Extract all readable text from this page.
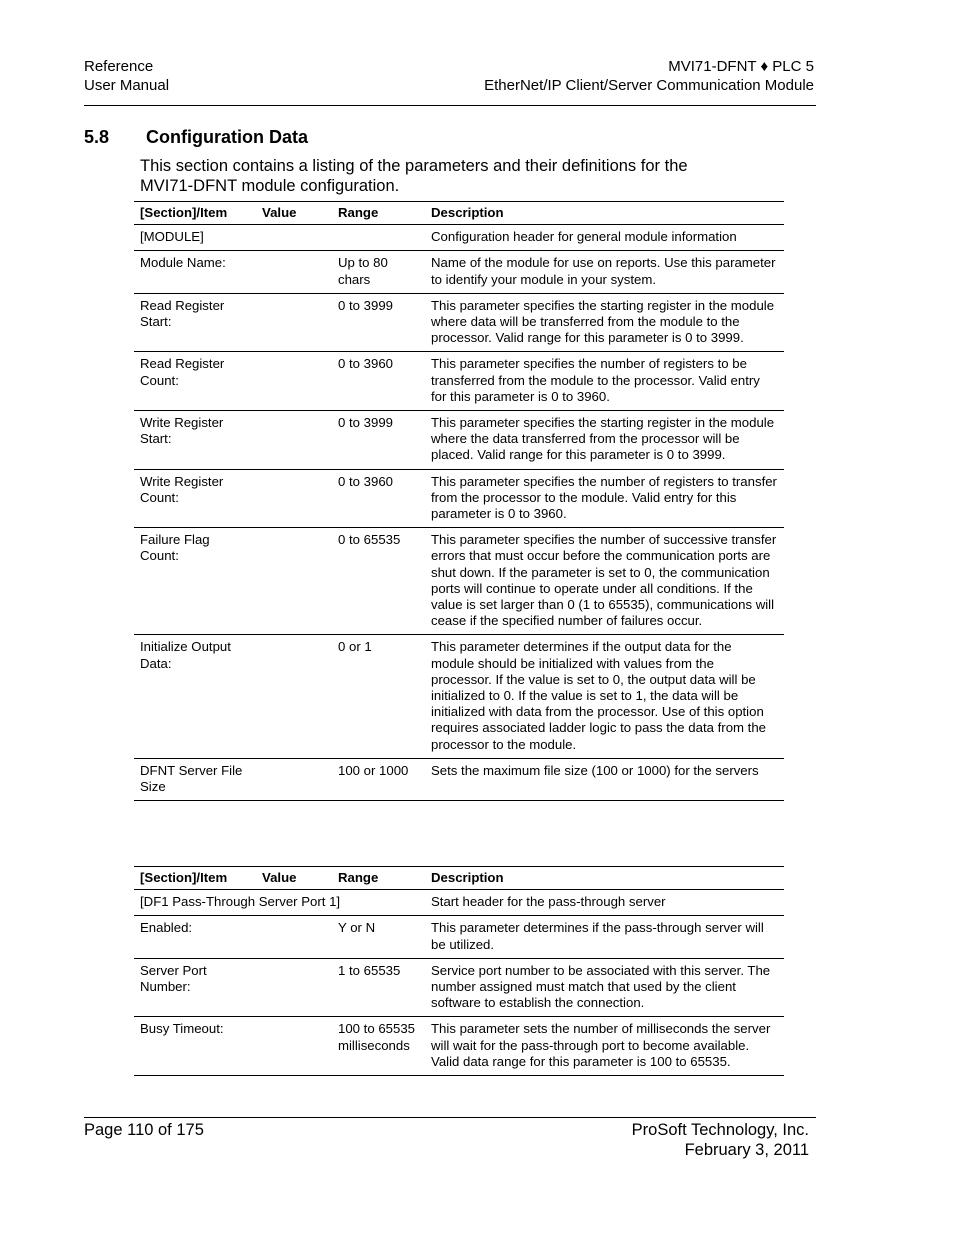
Reference
User Manual
MVI71-DFNT ♦ PLC 5
EtherNet/IP Client/Server Communication Module
5.8 Configuration Data
This section contains a listing of the parameters and their definitions for the
MVI71-DFNT module configuration.
[Section]/Item	Value	Range	Description
[MODULE]			Configuration header for general module information
Module Name:		Up to 80 chars	Name of the module for use on reports. Use this parameter to identify your module in your system.
Read Register Start:		0 to 3999	This parameter specifies the starting register in the module where data will be transferred from the module to the processor. Valid range for this parameter is 0 to 3999.
Read Register Count:		0 to 3960	This parameter specifies the number of registers to be transferred from the module to the processor. Valid entry for this parameter is 0 to 3960.
Write Register Start:		0 to 3999	This parameter specifies the starting register in the module where the data transferred from the processor will be placed. Valid range for this parameter is 0 to 3999.
Write Register Count:		0 to 3960	This parameter specifies the number of registers to transfer from the processor to the module. Valid entry for this parameter is 0 to 3960.
Failure Flag Count:		0 to 65535	This parameter specifies the number of successive transfer errors that must occur before the communication ports are shut down. If the parameter is set to 0, the communication ports will continue to operate under all conditions. If the value is set larger than 0 (1 to 65535), communications will cease if the specified number of failures occur.
Initialize Output Data:		0 or 1	This parameter determines if the output data for the module should be initialized with values from the processor. If the value is set to 0, the output data will be initialized to 0. If the value is set to 1, the data will be initialized with data from the processor. Use of this option requires associated ladder logic to pass the data from the processor to the module.
DFNT Server File Size		100 or 1000	Sets the maximum file size (100 or 1000) for the servers
[Section]/Item	Value	Range	Description
[DF1 Pass-Through Server Port 1]			Start header for the pass-through server
Enabled:		Y or N	This parameter determines if the pass-through server will be utilized.
Server Port Number:		1 to 65535	Service port number to be associated with this server. The number assigned must match that used by the client software to establish the connection.
Busy Timeout:		100 to 65535 milliseconds	This parameter sets the number of milliseconds the server will wait for the pass-through port to become available. Valid data range for this parameter is 100 to 65535.
Page 110 of 175	ProSoft Technology, Inc.
February 3, 2011
